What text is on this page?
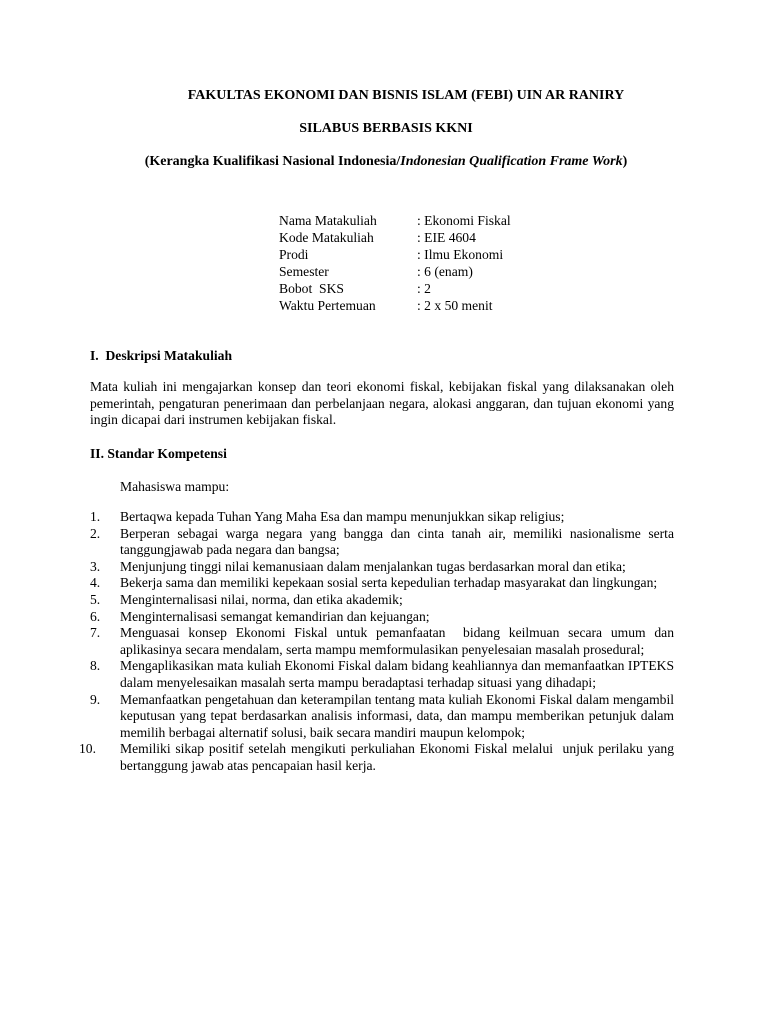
FAKULTAS EKONOMI DAN BISNIS ISLAM (FEBI) UIN AR RANIRY
SILABUS BERBASIS KKNI
(Kerangka Kualifikasi Nasional Indonesia/Indonesian Qualification Frame Work)
Nama Matakuliah	: Ekonomi Fiskal
Kode Matakuliah	: EIE 4604
Prodi	: Ilmu Ekonomi
Semester	: 6 (enam)
Bobot  SKS	: 2
Waktu Pertemuan	: 2 x 50 menit
I.  Deskripsi Matakuliah
Mata kuliah ini mengajarkan konsep dan teori ekonomi fiskal, kebijakan fiskal yang dilaksanakan oleh pemerintah, pengaturan penerimaan dan perbelanjaan negara, alokasi anggaran, dan tujuan ekonomi yang ingin dicapai dari instrumen kebijakan fiskal.
II. Standar Kompetensi
Mahasiswa mampu:
1. Bertaqwa kepada Tuhan Yang Maha Esa dan mampu menunjukkan sikap religius;
2. Berperan sebagai warga negara yang bangga dan cinta tanah air, memiliki nasionalisme serta tanggungjawab pada negara dan bangsa;
3. Menjunjung tinggi nilai kemanusiaan dalam menjalankan tugas berdasarkan moral dan etika;
4. Bekerja sama dan memiliki kepekaan sosial serta kepedulian terhadap masyarakat dan lingkungan;
5. Menginternalisasi nilai, norma, dan etika akademik;
6. Menginternalisasi semangat kemandirian dan kejuangan;
7. Menguasai konsep Ekonomi Fiskal untuk pemanfaatan  bidang keilmuan secara umum dan aplikasinya secara mendalam, serta mampu memformulasikan penyelesaian masalah prosedural;
8. Mengaplikasikan mata kuliah Ekonomi Fiskal dalam bidang keahliannya dan memanfaatkan IPTEKS dalam menyelesaikan masalah serta mampu beradaptasi terhadap situasi yang dihadapi;
9. Memanfaatkan pengetahuan dan keterampilan tentang mata kuliah Ekonomi Fiskal dalam mengambil keputusan yang tepat berdasarkan analisis informasi, data, dan mampu memberikan petunjuk dalam memilih berbagai alternatif solusi, baik secara mandiri maupun kelompok;
10. Memiliki sikap positif setelah mengikuti perkuliahan Ekonomi Fiskal melalui  unjuk perilaku yang bertanggung jawab atas pencapaian hasil kerja.
